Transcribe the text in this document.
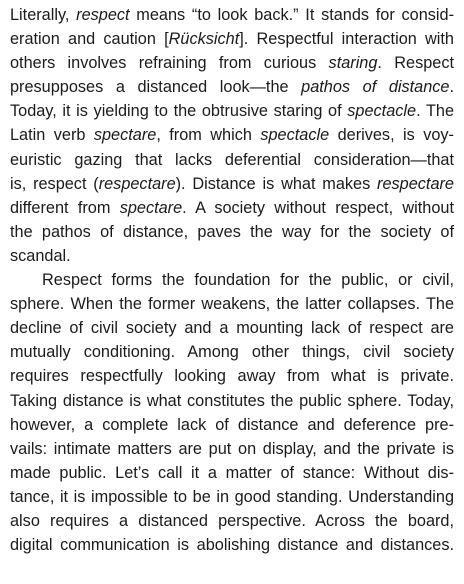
Literally, respect means “to look back.” It stands for consid-
eration and caution [Rücksicht]. Respectful interaction with
others involves refraining from curious staring. Respect
presupposes a distanced look—the pathos of distance.
Today, it is yielding to the obtrusive staring of spectacle. The
Latin verb spectare, from which spectacle derives, is voy-
euristic gazing that lacks deferential consideration—that
is, respect (respectare). Distance is what makes respectare
different from spectare. A society without respect, without
the pathos of distance, paves the way for the society of
scandal.
Respect forms the foundation for the public, or civil,
sphere. When the former weakens, the latter collapses. The
decline of civil society and a mounting lack of respect are
mutually conditioning. Among other things, civil society
requires respectfully looking away from what is private.
Taking distance is what constitutes the public sphere. Today,
however, a complete lack of distance and deference pre-
vails: intimate matters are put on display, and the private is
made public. Let’s call it a matter of stance: Without dis-
tance, it is impossible to be in good standing. Understanding
also requires a distanced perspective. Across the board,
digital communication is abolishing distance and distances.
